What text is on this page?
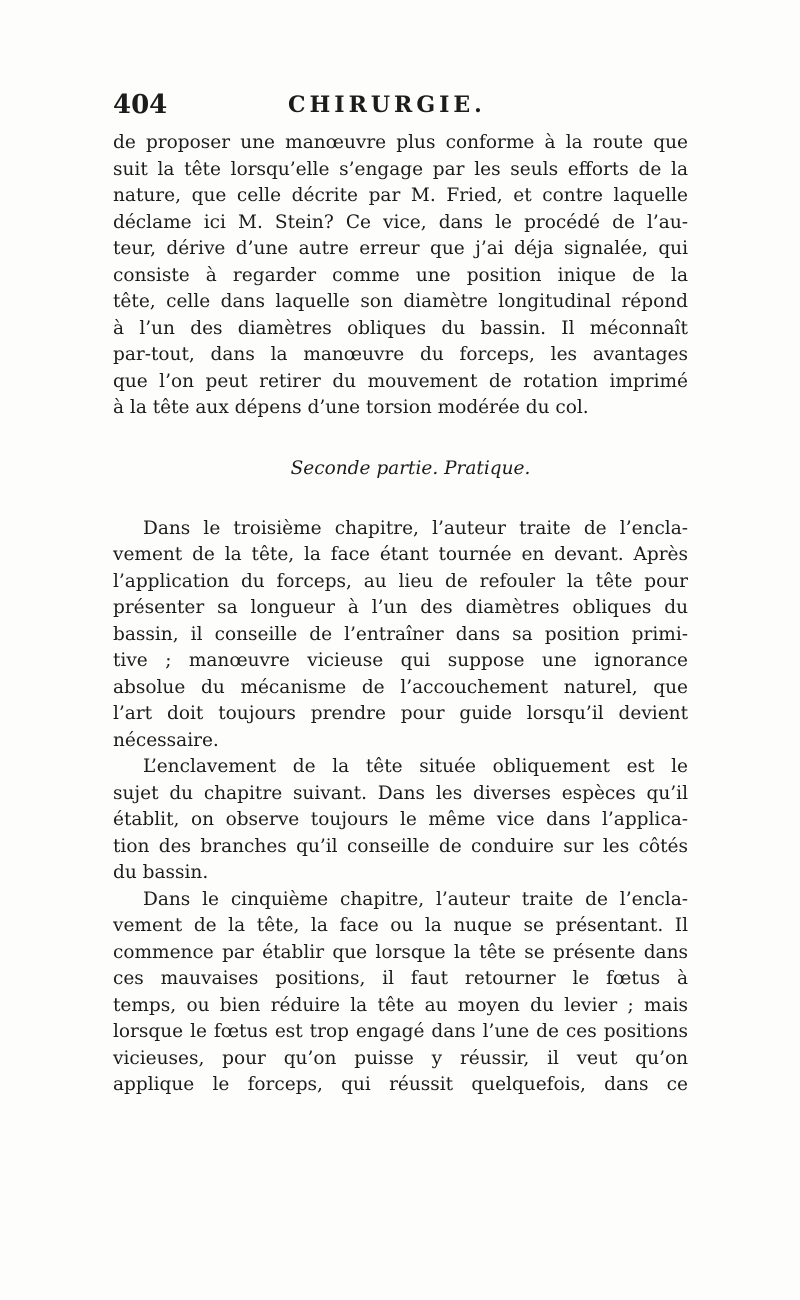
404	CHIRURGIE.
de proposer une manœuvre plus conforme à la route que
suit la tête lorsqu’elle s’engage par les seuls efforts de la
nature, que celle décrite par M. Fried, et contre laquelle
déclame ici M. Stein? Ce vice, dans le procédé de l’au-
teur, dérive d’une autre erreur que j’ai déja signalée, qui
consiste à regarder comme une position inique de la
tête, celle dans laquelle son diamètre longitudinal répond
à l’un des diamètres obliques du bassin. Il méconnaît
par-tout, dans la manœuvre du forceps, les avantages
que l’on peut retirer du mouvement de rotation imprimé
à la tête aux dépens d’une torsion modérée du col.
Seconde partie. Pratique.
Dans le troisième chapitre, l’auteur traite de l’encla-
vement de la tête, la face étant tournée en devant. Après
l’application du forceps, au lieu de refouler la tête pour
présenter sa longueur à l’un des diamètres obliques du
bassin, il conseille de l’entraîner dans sa position primi-
tive ; manœuvre vicieuse qui suppose une ignorance
absolue du mécanisme de l’accouchement naturel, que
l’art doit toujours prendre pour guide lorsqu’il devient
nécessaire.
L’enclavement de la tête située obliquement est le
sujet du chapitre suivant. Dans les diverses espèces qu’il
établit, on observe toujours le même vice dans l’applica-
tion des branches qu’il conseille de conduire sur les côtés
du bassin.
Dans le cinquième chapitre, l’auteur traite de l’encla-
vement de la tête, la face ou la nuque se présentant. Il
commence par établir que lorsque la tête se présente dans
ces mauvaises positions, il faut retourner le fœtus à
temps, ou bien réduire la tête au moyen du levier ; mais
lorsque le fœtus est trop engagé dans l’une de ces positions
vicieuses, pour qu’on puisse y réussir, il veut qu’on
applique le forceps, qui réussit quelquefois, dans ce
